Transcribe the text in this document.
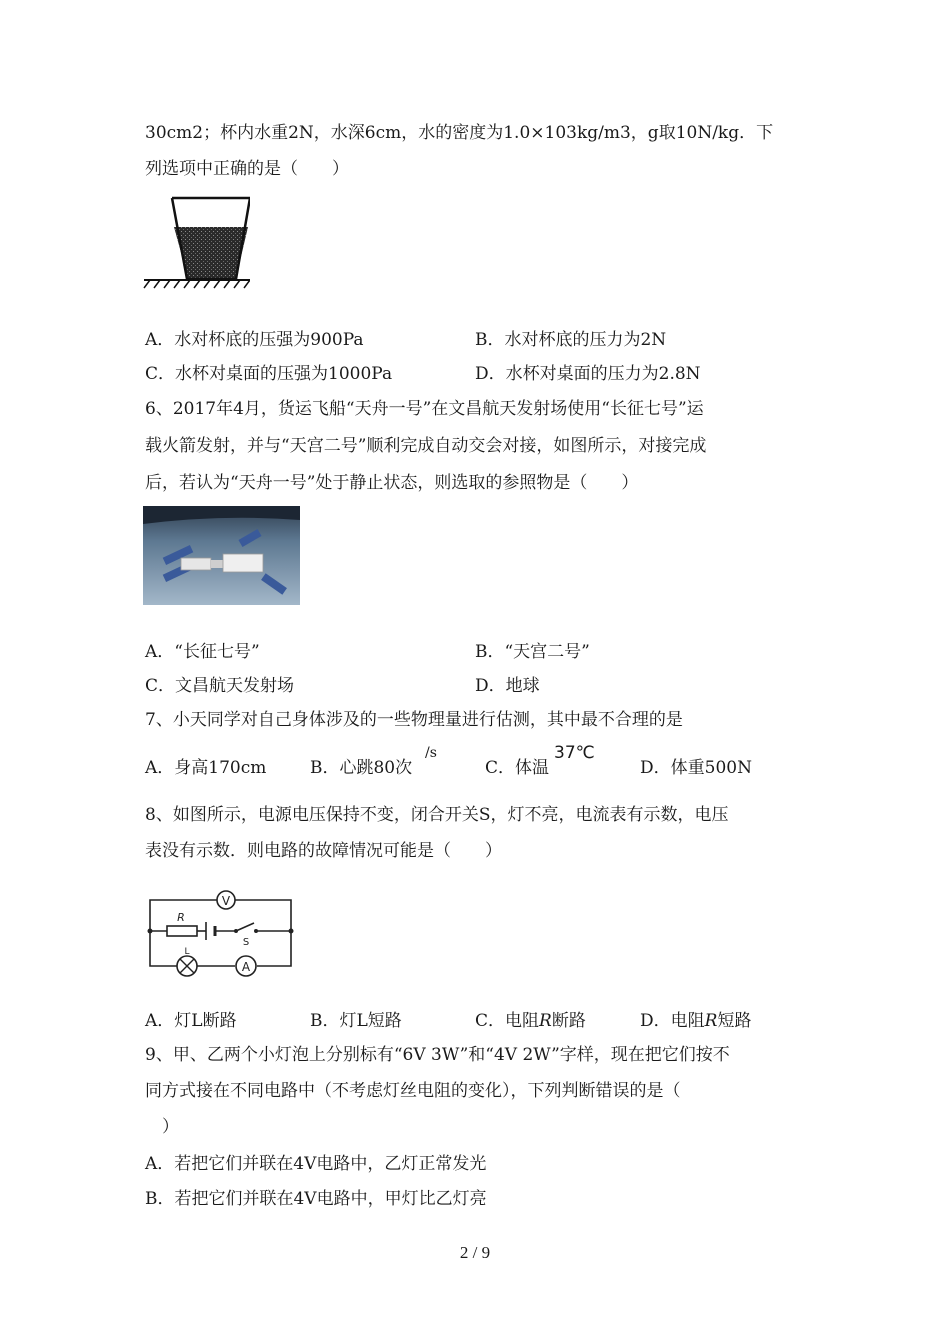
30cm2；杯内水重2N，水深6cm，水的密度为1.0×103kg/m3，g取10N/kg．下
列选项中正确的是（　　）
A．水对杯底的压强为900Pa	B．水对杯底的压力为2N
C．水杯对桌面的压强为1000Pa	D．水杯对桌面的压力为2.8N
6、2017年4月，货运飞船“天舟一号”在文昌航天发射场使用“长征七号”运
载火箭发射，并与“天宫二号”顺利完成自动交会对接，如图所示，对接完成
后，若认为“天舟一号”处于静止状态，则选取的参照物是（　　）
A．“长征七号”	B．“天宫二号”
C．文昌航天发射场	D．地球
7、小天同学对自己身体涉及的一些物理量进行估测，其中最不合理的是
A．身高170cm	B．心跳80次
/s
C．体温
37℃
D．体重500N
8、如图所示，电源电压保持不变，闭合开关S，灯不亮，电流表有示数，电压
表没有示数．则电路的故障情况可能是（　　）
V
R
S
L
A
A．灯L断路	B．灯L短路	C．电阻R断路	D．电阻R短路
9、甲、乙两个小灯泡上分别标有“6V 3W”和“4V 2W”字样，现在把它们按不
同方式接在不同电路中（不考虑灯丝电阻的变化），下列判断错误的是（
　）
A．若把它们并联在4V电路中，乙灯正常发光
B．若把它们并联在4V电路中，甲灯比乙灯亮
2 / 9
